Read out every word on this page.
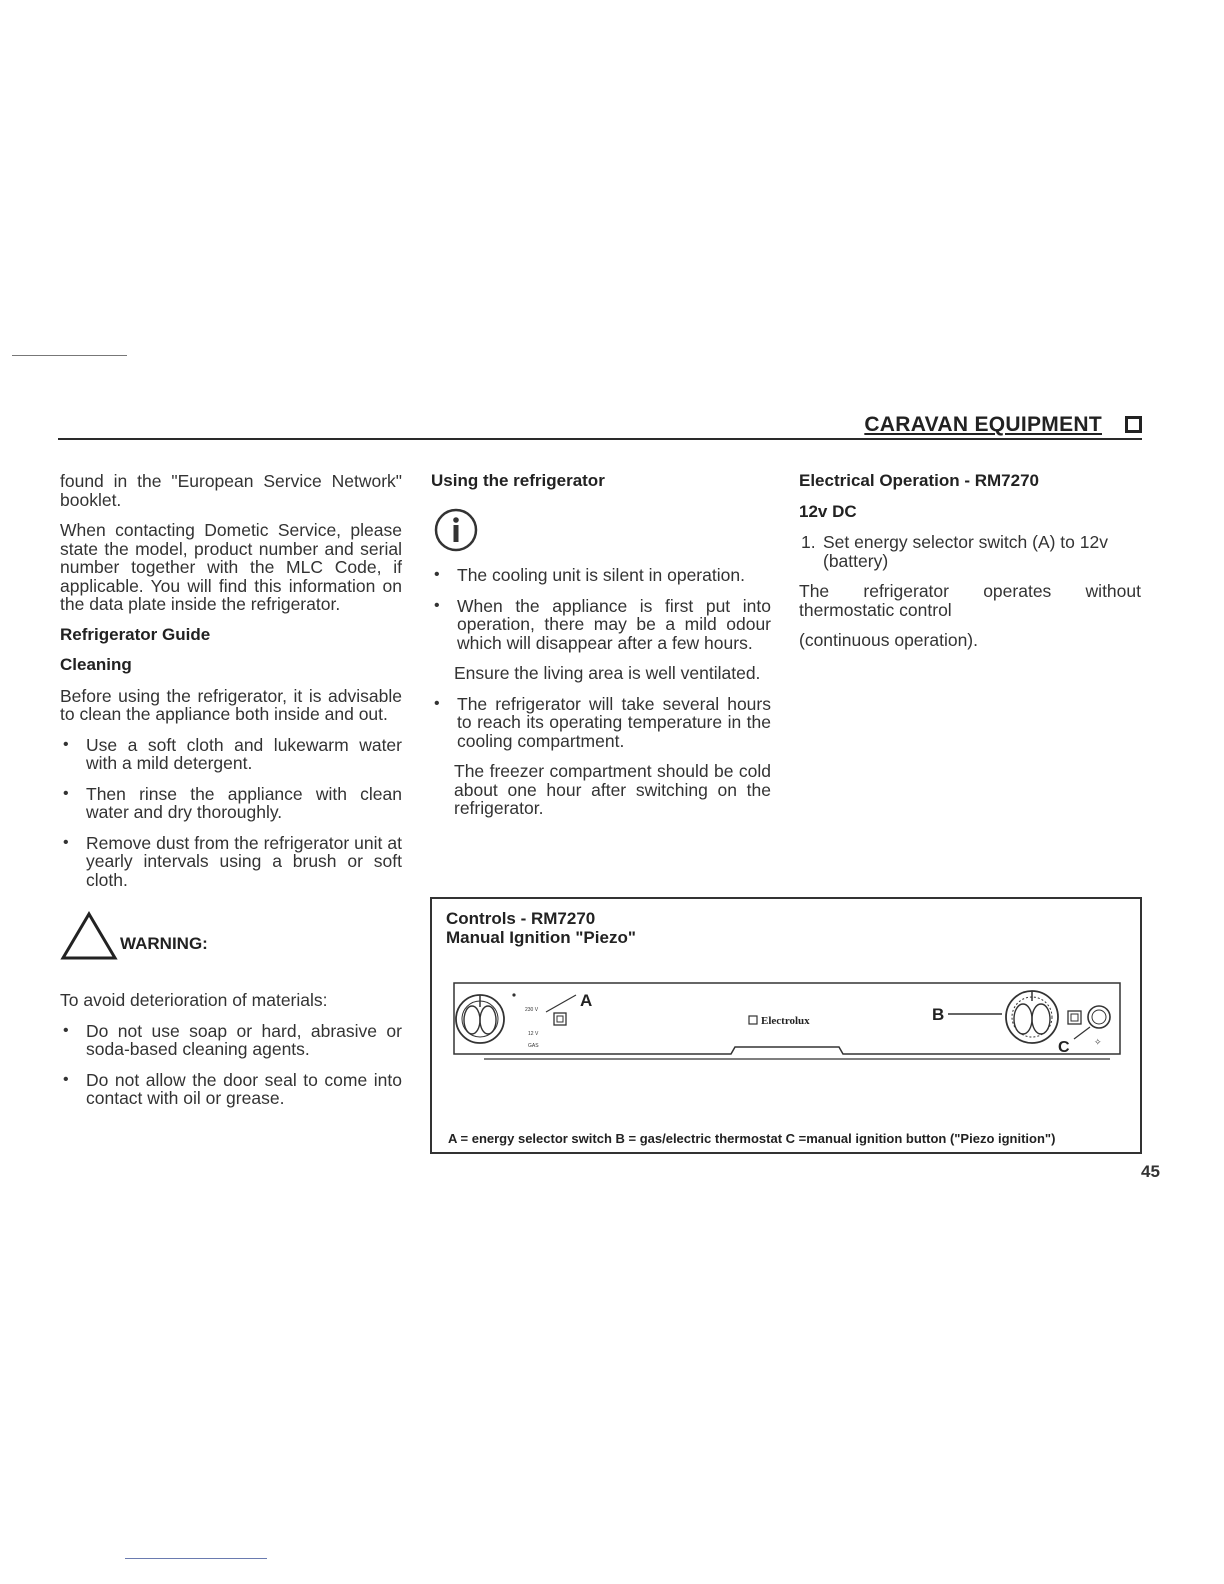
CARAVAN EQUIPMENT

found in the "European Service Network" booklet.

When contacting Dometic Service, please state the model, product number and serial number together with the MLC Code, if applicable. You will find this information on the data plate inside the refrigerator.

Refrigerator Guide
Cleaning

Before using the refrigerator, it is advisable to clean the appliance both inside and out.

• Use a soft cloth and lukewarm water with a mild detergent.
• Then rinse the appliance with clean water and dry thoroughly.
• Remove dust from the refrigerator unit at yearly intervals using a brush or soft cloth.
WARNING:

To avoid deterioration of materials:

• Do not use soap or hard, abrasive or soda-based cleaning agents.
• Do not allow the door seal to come into contact with oil or grease.
Using the refrigerator
• The cooling unit is silent in operation.

• When the appliance is first put into operation, there may be a mild odour which will disappear after a few hours.

Ensure the living area is well ventilated.

• The refrigerator will take several hours to reach its operating temperature in the cooling compartment.

The freezer compartment should be cold about one hour after switching on the refrigerator.

Electrical Operation - RM7270
12v DC
1. Set energy selector switch (A) to 12v (battery)

The refrigerator operates without thermostatic control

(continuous operation).

Controls - RM7270
Manual Ignition "Piezo"
230 V
12 V
GAS
A
Electrolux	B
C	✧
A = energy selector switch B = gas/electric thermostat C =manual ignition button ("Piezo ignition")
45
